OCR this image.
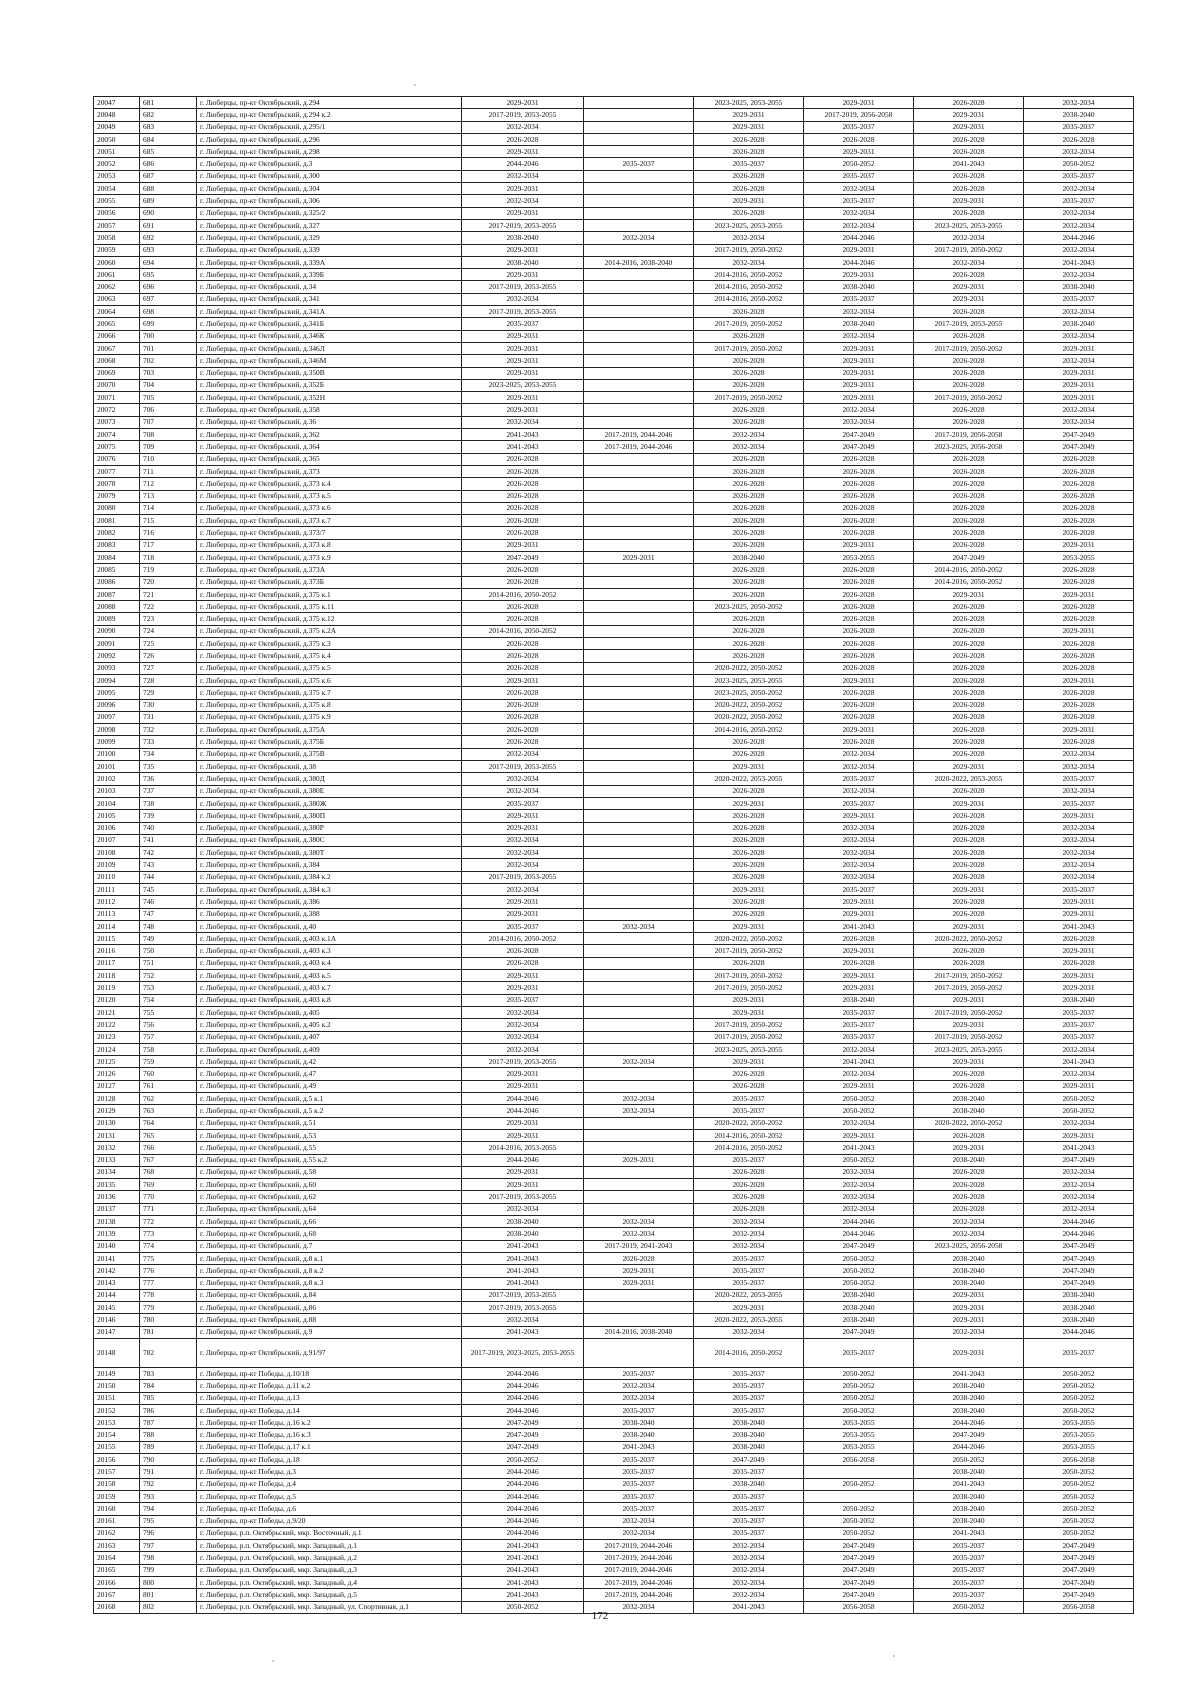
20047	681	г. Люберцы, пр-кт Октябрьский, д.294	2029-2031		2023-2025, 2053-2055	2029-2031	2026-2028	2032-2034
20048	682	г. Люберцы, пр-кт Октябрьский, д.294 к.2	2017-2019, 2053-2055		2029-2031	2017-2019, 2056-2058	2029-2031	2038-2040
20049	683	г. Люберцы, пр-кт Октябрьский, д.295/1	2032-2034		2029-2031	2035-2037	2029-2031	2035-2037
20050	684	г. Люберцы, пр-кт Октябрьский, д.296	2026-2028		2026-2028	2026-2028	2026-2028	2026-2028
20051	685	г. Люберцы, пр-кт Октябрьский, д.298	2029-2031		2026-2028	2029-2031	2026-2028	2032-2034
20052	686	г. Люберцы, пр-кт Октябрьский, д.3	2044-2046	2035-2037	2035-2037	2050-2052	2041-2043	2050-2052
20053	687	г. Люберцы, пр-кт Октябрьский, д.300	2032-2034		2026-2028	2035-2037	2026-2028	2035-2037
20054	688	г. Люберцы, пр-кт Октябрьский, д.304	2029-2031		2026-2028	2032-2034	2026-2028	2032-2034
20055	689	г. Люберцы, пр-кт Октябрьский, д.306	2032-2034		2029-2031	2035-2037	2029-2031	2035-2037
20056	690	г. Люберцы, пр-кт Октябрьский, д.325/2	2029-2031		2026-2028	2032-2034	2026-2028	2032-2034
20057	691	г. Люберцы, пр-кт Октябрьский, д.327	2017-2019, 2053-2055		2023-2025, 2053-2055	2032-2034	2023-2025, 2053-2055	2032-2034
20058	692	г. Люберцы, пр-кт Октябрьский, д.329	2038-2040	2032-2034	2032-2034	2044-2046	2032-2034	2044-2046
20059	693	г. Люберцы, пр-кт Октябрьский, д.339	2029-2031		2017-2019, 2050-2052	2029-2031	2017-2019, 2050-2052	2032-2034
20060	694	г. Люберцы, пр-кт Октябрьский, д.339А	2038-2040	2014-2016, 2038-2040	2032-2034	2044-2046	2032-2034	2041-2043
20061	695	г. Люберцы, пр-кт Октябрьский, д.339Б	2029-2031		2014-2016, 2050-2052	2029-2031	2026-2028	2032-2034
20062	696	г. Люберцы, пр-кт Октябрьский, д.34	2017-2019, 2053-2055		2014-2016, 2050-2052	2038-2040	2029-2031	2038-2040
20063	697	г. Люберцы, пр-кт Октябрьский, д.341	2032-2034		2014-2016, 2050-2052	2035-2037	2029-2031	2035-2037
20064	698	г. Люберцы, пр-кт Октябрьский, д.341А	2017-2019, 2053-2055		2026-2028	2032-2034	2026-2028	2032-2034
20065	699	г. Люберцы, пр-кт Октябрьский, д.341Б	2035-2037		2017-2019, 2050-2052	2038-2040	2017-2019, 2053-2055	2038-2040
20066	700	г. Люберцы, пр-кт Октябрьский, д.346К	2029-2031		2026-2028	2032-2034	2026-2028	2032-2034
20067	701	г. Люберцы, пр-кт Октябрьский, д.346Л	2029-2031		2017-2019, 2050-2052	2029-2031	2017-2019, 2050-2052	2029-2031
20068	702	г. Люберцы, пр-кт Октябрьский, д.346М	2029-2031		2026-2028	2029-2031	2026-2028	2032-2034
20069	703	г. Люберцы, пр-кт Октябрьский, д.350В	2029-2031		2026-2028	2029-2031	2026-2028	2029-2031
20070	704	г. Люберцы, пр-кт Октябрьский, д.352Б	2023-2025, 2053-2055		2026-2028	2029-2031	2026-2028	2029-2031
20071	705	г. Люберцы, пр-кт Октябрьский, д.352Н	2029-2031		2017-2019, 2050-2052	2029-2031	2017-2019, 2050-2052	2029-2031
20072	706	г. Люберцы, пр-кт Октябрьский, д.358	2029-2031		2026-2028	2032-2034	2026-2028	2032-2034
20073	707	г. Люберцы, пр-кт Октябрьский, д.36	2032-2034		2026-2028	2032-2034	2026-2028	2032-2034
20074	708	г. Люберцы, пр-кт Октябрьский, д.362	2041-2043	2017-2019, 2044-2046	2032-2034	2047-2049	2017-2019, 2056-2058	2047-2049
20075	709	г. Люберцы, пр-кт Октябрьский, д.364	2041-2043	2017-2019, 2044-2046	2032-2034	2047-2049	2023-2025, 2056-2058	2047-2049
20076	710	г. Люберцы, пр-кт Октябрьский, д.365	2026-2028		2026-2028	2026-2028	2026-2028	2026-2028
20077	711	г. Люберцы, пр-кт Октябрьский, д.373	2026-2028		2026-2028	2026-2028	2026-2028	2026-2028
20078	712	г. Люберцы, пр-кт Октябрьский, д.373 к.4	2026-2028		2026-2028	2026-2028	2026-2028	2026-2028
20079	713	г. Люберцы, пр-кт Октябрьский, д.373 к.5	2026-2028		2026-2028	2026-2028	2026-2028	2026-2028
20080	714	г. Люберцы, пр-кт Октябрьский, д.373 к.6	2026-2028		2026-2028	2026-2028	2026-2028	2026-2028
20081	715	г. Люберцы, пр-кт Октябрьский, д.373 к.7	2026-2028		2026-2028	2026-2028	2026-2028	2026-2028
20082	716	г. Люберцы, пр-кт Октябрьский, д.373/7	2026-2028		2026-2028	2026-2028	2026-2028	2026-2028
20083	717	г. Люберцы, пр-кт Октябрьский, д.373 к.8	2029-2031		2026-2028	2029-2031	2026-2028	2029-2031
20084	718	г. Люберцы, пр-кт Октябрьский, д.373 к.9	2047-2049	2029-2031	2038-2040	2053-2055	2047-2049	2053-2055
20085	719	г. Люберцы, пр-кт Октябрьский, д.373А	2026-2028		2026-2028	2026-2028	2014-2016, 2050-2052	2026-2028
20086	720	г. Люберцы, пр-кт Октябрьский, д.373Б	2026-2028		2026-2028	2026-2028	2014-2016, 2050-2052	2026-2028
20087	721	г. Люберцы, пр-кт Октябрьский, д.375 к.1	2014-2016, 2050-2052		2026-2028	2026-2028	2029-2031	2029-2031
20088	722	г. Люберцы, пр-кт Октябрьский, д.375 к.11	2026-2028		2023-2025, 2050-2052	2026-2028	2026-2028	2026-2028
20089	723	г. Люберцы, пр-кт Октябрьский, д.375 к.12	2026-2028		2026-2028	2026-2028	2026-2028	2026-2028
20090	724	г. Люберцы, пр-кт Октябрьский, д.375 к.2А	2014-2016, 2050-2052		2026-2028	2026-2028	2026-2028	2029-2031
20091	725	г. Люберцы, пр-кт Октябрьский, д.375 к.3	2026-2028		2026-2028	2026-2028	2026-2028	2026-2028
20092	726	г. Люберцы, пр-кт Октябрьский, д.375 к.4	2026-2028		2026-2028	2026-2028	2026-2028	2026-2028
20093	727	г. Люберцы, пр-кт Октябрьский, д.375 к.5	2026-2028		2020-2022, 2050-2052	2026-2028	2026-2028	2026-2028
20094	728	г. Люберцы, пр-кт Октябрьский, д.375 к.6	2029-2031		2023-2025, 2053-2055	2029-2031	2026-2028	2029-2031
20095	729	г. Люберцы, пр-кт Октябрьский, д.375 к.7	2026-2028		2023-2025, 2050-2052	2026-2028	2026-2028	2026-2028
20096	730	г. Люберцы, пр-кт Октябрьский, д.375 к.8	2026-2028		2020-2022, 2050-2052	2026-2028	2026-2028	2026-2028
20097	731	г. Люберцы, пр-кт Октябрьский, д.375 к.9	2026-2028		2020-2022, 2050-2052	2026-2028	2026-2028	2026-2028
20098	732	г. Люберцы, пр-кт Октябрьский, д.375А	2026-2028		2014-2016, 2050-2052	2029-2031	2026-2028	2029-2031
20099	733	г. Люберцы, пр-кт Октябрьский, д.375Б	2026-2028		2026-2028	2026-2028	2026-2028	2026-2028
20100	734	г. Люберцы, пр-кт Октябрьский, д.375В	2032-2034		2026-2028	2032-2034	2026-2028	2032-2034
20101	735	г. Люберцы, пр-кт Октябрьский, д.38	2017-2019, 2053-2055		2029-2031	2032-2034	2029-2031	2032-2034
20102	736	г. Люберцы, пр-кт Октябрьский, д.380Д	2032-2034		2020-2022, 2053-2055	2035-2037	2020-2022, 2053-2055	2035-2037
20103	737	г. Люберцы, пр-кт Октябрьский, д.380Е	2032-2034		2026-2028	2032-2034	2026-2028	2032-2034
20104	738	г. Люберцы, пр-кт Октябрьский, д.380Ж	2035-2037		2029-2031	2035-2037	2029-2031	2035-2037
20105	739	г. Люберцы, пр-кт Октябрьский, д.380П	2029-2031		2026-2028	2029-2031	2026-2028	2029-2031
20106	740	г. Люберцы, пр-кт Октябрьский, д.380Р	2029-2031		2026-2028	2032-2034	2026-2028	2032-2034
20107	741	г. Люберцы, пр-кт Октябрьский, д.380С	2032-2034		2026-2028	2032-2034	2026-2028	2032-2034
20108	742	г. Люберцы, пр-кт Октябрьский, д.380Т	2032-2034		2026-2028	2032-2034	2026-2028	2032-2034
20109	743	г. Люберцы, пр-кт Октябрьский, д.384	2032-2034		2026-2028	2032-2034	2026-2028	2032-2034
20110	744	г. Люберцы, пр-кт Октябрьский, д.384 к.2	2017-2019, 2053-2055		2026-2028	2032-2034	2026-2028	2032-2034
20111	745	г. Люберцы, пр-кт Октябрьский, д.384 к.3	2032-2034		2029-2031	2035-2037	2029-2031	2035-2037
20112	746	г. Люберцы, пр-кт Октябрьский, д.386	2029-2031		2026-2028	2029-2031	2026-2028	2029-2031
20113	747	г. Люберцы, пр-кт Октябрьский, д.388	2029-2031		2026-2028	2029-2031	2026-2028	2029-2031
20114	748	г. Люберцы, пр-кт Октябрьский, д.40	2035-2037	2032-2034	2029-2031	2041-2043	2029-2031	2041-2043
20115	749	г. Люберцы, пр-кт Октябрьский, д.403 к.1А	2014-2016, 2050-2052		2020-2022, 2050-2052	2026-2028	2020-2022, 2050-2052	2026-2028
20116	750	г. Люберцы, пр-кт Октябрьский, д.403 к.3	2026-2028		2017-2019, 2050-2052	2029-2031	2026-2028	2029-2031
20117	751	г. Люберцы, пр-кт Октябрьский, д.403 к.4	2026-2028		2026-2028	2026-2028	2026-2028	2026-2028
20118	752	г. Люберцы, пр-кт Октябрьский, д.403 к.5	2029-2031		2017-2019, 2050-2052	2029-2031	2017-2019, 2050-2052	2029-2031
20119	753	г. Люберцы, пр-кт Октябрьский, д.403 к.7	2029-2031		2017-2019, 2050-2052	2029-2031	2017-2019, 2050-2052	2029-2031
20120	754	г. Люберцы, пр-кт Октябрьский, д.403 к.8	2035-2037		2029-2031	2038-2040	2029-2031	2038-2040
20121	755	г. Люберцы, пр-кт Октябрьский, д.405	2032-2034		2029-2031	2035-2037	2017-2019, 2050-2052	2035-2037
20122	756	г. Люберцы, пр-кт Октябрьский, д.405 к.2	2032-2034		2017-2019, 2050-2052	2035-2037	2029-2031	2035-2037
20123	757	г. Люберцы, пр-кт Октябрьский, д.407	2032-2034		2017-2019, 2050-2052	2035-2037	2017-2019, 2050-2052	2035-2037
20124	758	г. Люберцы, пр-кт Октябрьский, д.409	2032-2034		2023-2025, 2053-2055	2032-2034	2023-2025, 2053-2055	2032-2034
20125	759	г. Люберцы, пр-кт Октябрьский, д.42	2017-2019, 2053-2055	2032-2034	2029-2031	2041-2043	2029-2031	2041-2043
20126	760	г. Люберцы, пр-кт Октябрьский, д.47	2029-2031		2026-2028	2032-2034	2026-2028	2032-2034
20127	761	г. Люберцы, пр-кт Октябрьский, д.49	2029-2031		2026-2028	2029-2031	2026-2028	2029-2031
20128	762	г. Люберцы, пр-кт Октябрьский, д.5 к.1	2044-2046	2032-2034	2035-2037	2050-2052	2038-2040	2050-2052
20129	763	г. Люберцы, пр-кт Октябрьский, д.5 к.2	2044-2046	2032-2034	2035-2037	2050-2052	2038-2040	2050-2052
20130	764	г. Люберцы, пр-кт Октябрьский, д.51	2029-2031		2020-2022, 2050-2052	2032-2034	2020-2022, 2050-2052	2032-2034
20131	765	г. Люберцы, пр-кт Октябрьский, д.53	2029-2031		2014-2016, 2050-2052	2029-2031	2026-2028	2029-2031
20132	766	г. Люберцы, пр-кт Октябрьский, д.55	2014-2016, 2053-2055		2014-2016, 2050-2052	2041-2043	2029-2031	2041-2043
20133	767	г. Люберцы, пр-кт Октябрьский, д.55 к.2	2044-2046	2029-2031	2035-2037	2050-2052	2038-2040	2047-2049
20134	768	г. Люберцы, пр-кт Октябрьский, д.58	2029-2031		2026-2028	2032-2034	2026-2028	2032-2034
20135	769	г. Люберцы, пр-кт Октябрьский, д.60	2029-2031		2026-2028	2032-2034	2026-2028	2032-2034
20136	770	г. Люберцы, пр-кт Октябрьский, д.62	2017-2019, 2053-2055		2026-2028	2032-2034	2026-2028	2032-2034
20137	771	г. Люберцы, пр-кт Октябрьский, д.64	2032-2034		2026-2028	2032-2034	2026-2028	2032-2034
20138	772	г. Люберцы, пр-кт Октябрьский, д.66	2038-2040	2032-2034	2032-2034	2044-2046	2032-2034	2044-2046
20139	773	г. Люберцы, пр-кт Октябрьский, д.68	2038-2040	2032-2034	2032-2034	2044-2046	2032-2034	2044-2046
20140	774	г. Люберцы, пр-кт Октябрьский, д.7	2041-2043	2017-2019, 2041-2043	2032-2034	2047-2049	2023-2025, 2056-2058	2047-2049
20141	775	г. Люберцы, пр-кт Октябрьский, д.8 к.1	2041-2043	2026-2028	2035-2037	2050-2052	2038-2040	2047-2049
20142	776	г. Люберцы, пр-кт Октябрьский, д.8 к.2	2041-2043	2029-2031	2035-2037	2050-2052	2038-2040	2047-2049
20143	777	г. Люберцы, пр-кт Октябрьский, д.8 к.3	2041-2043	2029-2031	2035-2037	2050-2052	2038-2040	2047-2049
20144	778	г. Люберцы, пр-кт Октябрьский, д.84	2017-2019, 2053-2055		2020-2022, 2053-2055	2038-2040	2029-2031	2038-2040
20145	779	г. Люберцы, пр-кт Октябрьский, д.86	2017-2019, 2053-2055		2029-2031	2038-2040	2029-2031	2038-2040
20146	780	г. Люберцы, пр-кт Октябрьский, д.88	2032-2034		2020-2022, 2053-2055	2038-2040	2029-2031	2038-2040
20147	781	г. Люберцы, пр-кт Октябрьский, д.9	2041-2043	2014-2016, 2038-2040	2032-2034	2047-2049	2032-2034	2044-2046
20148	782	г. Люберцы, пр-кт Октябрьский, д.91/97	2017-2019, 2023-2025, 2053-2055		2014-2016, 2050-2052	2035-2037	2029-2031	2035-2037
20149	783	г. Люберцы, пр-кт Победы, д.10/18	2044-2046	2035-2037	2035-2037	2050-2052	2041-2043	2050-2052
20150	784	г. Люберцы, пр-кт Победы, д.11 к.2	2044-2046	2032-2034	2035-2037	2050-2052	2038-2040	2050-2052
20151	785	г. Люберцы, пр-кт Победы, д.13	2044-2046	2032-2034	2035-2037	2050-2052	2038-2040	2050-2052
20152	786	г. Люберцы, пр-кт Победы, д.14	2044-2046	2035-2037	2035-2037	2050-2052	2038-2040	2050-2052
20153	787	г. Люберцы, пр-кт Победы, д.16 к.2	2047-2049	2038-2040	2038-2040	2053-2055	2044-2046	2053-2055
20154	788	г. Люберцы, пр-кт Победы, д.16 к.3	2047-2049	2038-2040	2038-2040	2053-2055	2047-2049	2053-2055
20155	789	г. Люберцы, пр-кт Победы, д.17 к.1	2047-2049	2041-2043	2038-2040	2053-2055	2044-2046	2053-2055
20156	790	г. Люберцы, пр-кт Победы, д.18	2050-2052	2035-2037	2047-2049	2056-2058	2050-2052	2056-2058
20157	791	г. Люберцы, пр-кт Победы, д.3	2044-2046	2035-2037	2035-2037		2038-2040	2050-2052
20158	792	г. Люберцы, пр-кт Победы, д.4	2044-2046	2035-2037	2038-2040	2050-2052	2041-2043	2050-2052
20159	793	г. Люберцы, пр-кт Победы, д.5	2044-2046	2035-2037	2035-2037		2038-2040	2050-2052
20160	794	г. Люберцы, пр-кт Победы, д.6	2044-2046	2035-2037	2035-2037	2050-2052	2038-2040	2050-2052
20161	795	г. Люберцы, пр-кт Победы, д.9/20	2044-2046	2032-2034	2035-2037	2050-2052	2038-2040	2050-2052
20162	796	г. Люберцы, р.п. Октябрьский, мкр. Восточный, д.1	2044-2046	2032-2034	2035-2037	2050-2052	2041-2043	2050-2052
20163	797	г. Люберцы, р.п. Октябрьский, мкр. Западный, д.1	2041-2043	2017-2019, 2044-2046	2032-2034	2047-2049	2035-2037	2047-2049
20164	798	г. Люберцы, р.п. Октябрьский, мкр. Западный, д.2	2041-2043	2017-2019, 2044-2046	2032-2034	2047-2049	2035-2037	2047-2049
20165	799	г. Люберцы, р.п. Октябрьский, мкр. Западный, д.3	2041-2043	2017-2019, 2044-2046	2032-2034	2047-2049	2035-2037	2047-2049
20166	800	г. Люберцы, р.п. Октябрьский, мкр. Западный, д.4	2041-2043	2017-2019, 2044-2046	2032-2034	2047-2049	2035-2037	2047-2049
20167	801	г. Люберцы, р.п. Октябрьский, мкр. Западный, д.5	2041-2043	2017-2019, 2044-2046	2032-2034	2047-2049	2035-2037	2047-2049
20168	802	г. Люберцы, р.п. Октябрьский, мкр. Западный, ул. Спортивная, д.1	2050-2052	2032-2034	2041-2043	2056-2058	2050-2052	2056-2058
172
